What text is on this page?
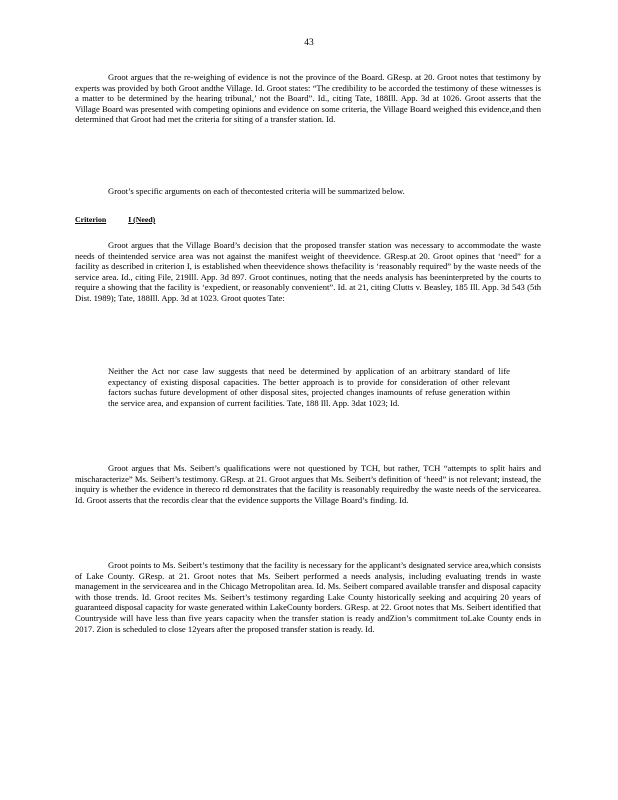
43

Groot argues that the re-weighing of evidence is not the province of the Board. GResp. at 20. Groot notes that testimony by experts was provided by both Groot andthe Village. Id. Groot states: “The credibility to be accorded the testimony of these witnesses is a matter to be determined by the hearing tribunal,’ not the Board”. Id., citing Tate, 188Ill. App. 3d at 1026. Groot asserts that the Village Board was presented with competing opinions and evidence on some criteria, the Village Board weighed this evidence,and then determined that Groot had met the criteria for siting of a transfer station. Id.

Groot’s specific arguments on each of thecontested criteria will be summarized below.

Criterion	I (Need)

Groot argues that the Village Board’s decision that the proposed transfer station was necessary to accommodate the waste needs of theintended service area was not against the manifest weight of theevidence. GResp.at 20. Groot opines that ‘need” for a facility as described in criterion I, is established when theevidence shows thefacility is ‘reasonably required” by the waste needs of the service area. Id., citing File, 219Ill. App. 3d 897. Groot continues, noting that the needs analysis has beeninterpreted by the courts to require a showing that the facility is ‘expedient, or reasonably convenient”. Id. at 21, citing Clutts v. Beasley, 185 Ill. App. 3d 543 (5th Dist. 1989); Tate, 188Ill. App. 3d at 1023. Groot quotes Tate:

Neither the Act nor case law suggests that need be determined by application of an arbitrary standard of life expectancy of existing disposal capacities. The better approach is to provide for consideration of other relevant factors suchas future development of other disposal sites, projected changes inamounts of refuse generation within the service area, and expansion of current facilities. Tate, 188 Ill. App. 3dat 1023; Id.

Groot argues that Ms. Seibert’s qualifications were not questioned by TCH, but rather, TCH “attempts to split hairs and mischaracterize” Ms. Seibert’s testimony. GResp. at 21. Groot argues that Ms. Seibert’s definition of ‘heed” is not relevant; instead, the inquiry is whether the evidence in thereco rd demonstrates that the facility is reasonably requiredby the waste needs of the servicearea. Id. Groot asserts that the recordis clear that the evidence supports the Village Board’s finding. Id.

Groot points to Ms. Seibert’s testimony that the facility is necessary for the applicant’s designated service area,which consists of Lake County. GResp. at 21. Groot notes that Ms. Seibert performed a needs analysis, including evaluating trends in waste management in the servicearea and in the Chicago Metropolitan area. Id. Ms. Seibert compared available transfer and disposal capacity with those trends. Id. Groot recites Ms. Seibert’s testimony regarding Lake County historically seeking and acquiring 20 years of guaranteed disposal capacity for waste generated within LakeCounty borders. GResp. at 22. Groot notes that Ms. Seibert identified that Countryside will have less than five years capacity when the transfer station is ready andZion’s commitment toLake County ends in 2017. Zion is scheduled to close 12years after the proposed transfer station is ready. Id.
